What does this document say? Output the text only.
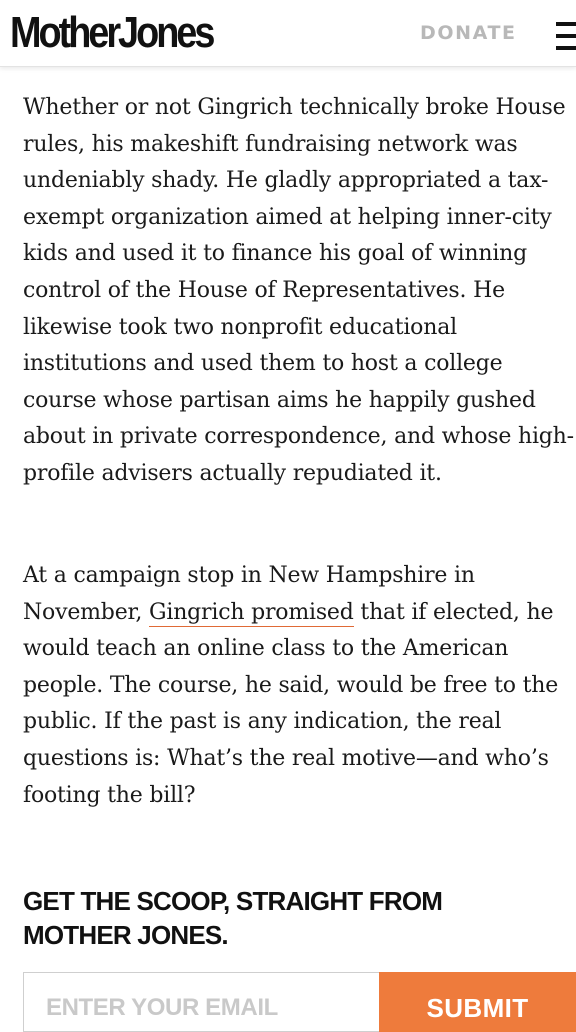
MotherJones	DONATE

Whether or not Gingrich technically broke House rules, his makeshift fundraising network was undeniably shady. He gladly appropriated a tax-exempt organization aimed at helping inner-city kids and used it to finance his goal of winning control of the House of Representatives. He likewise took two nonprofit educational institutions and used them to host a college course whose partisan aims he happily gushed about in private correspondence, and whose high-profile advisers actually repudiated it.

At a campaign stop in New Hampshire in November, Gingrich promised that if elected, he would teach an online class to the American people. The course, he said, would be free to the public. If the past is any indication, the real questions is: What’s the real motive—and who’s footing the bill?

GET THE SCOOP, STRAIGHT FROM MOTHER JONES.
ENTER YOUR EMAIL
SUBMIT
